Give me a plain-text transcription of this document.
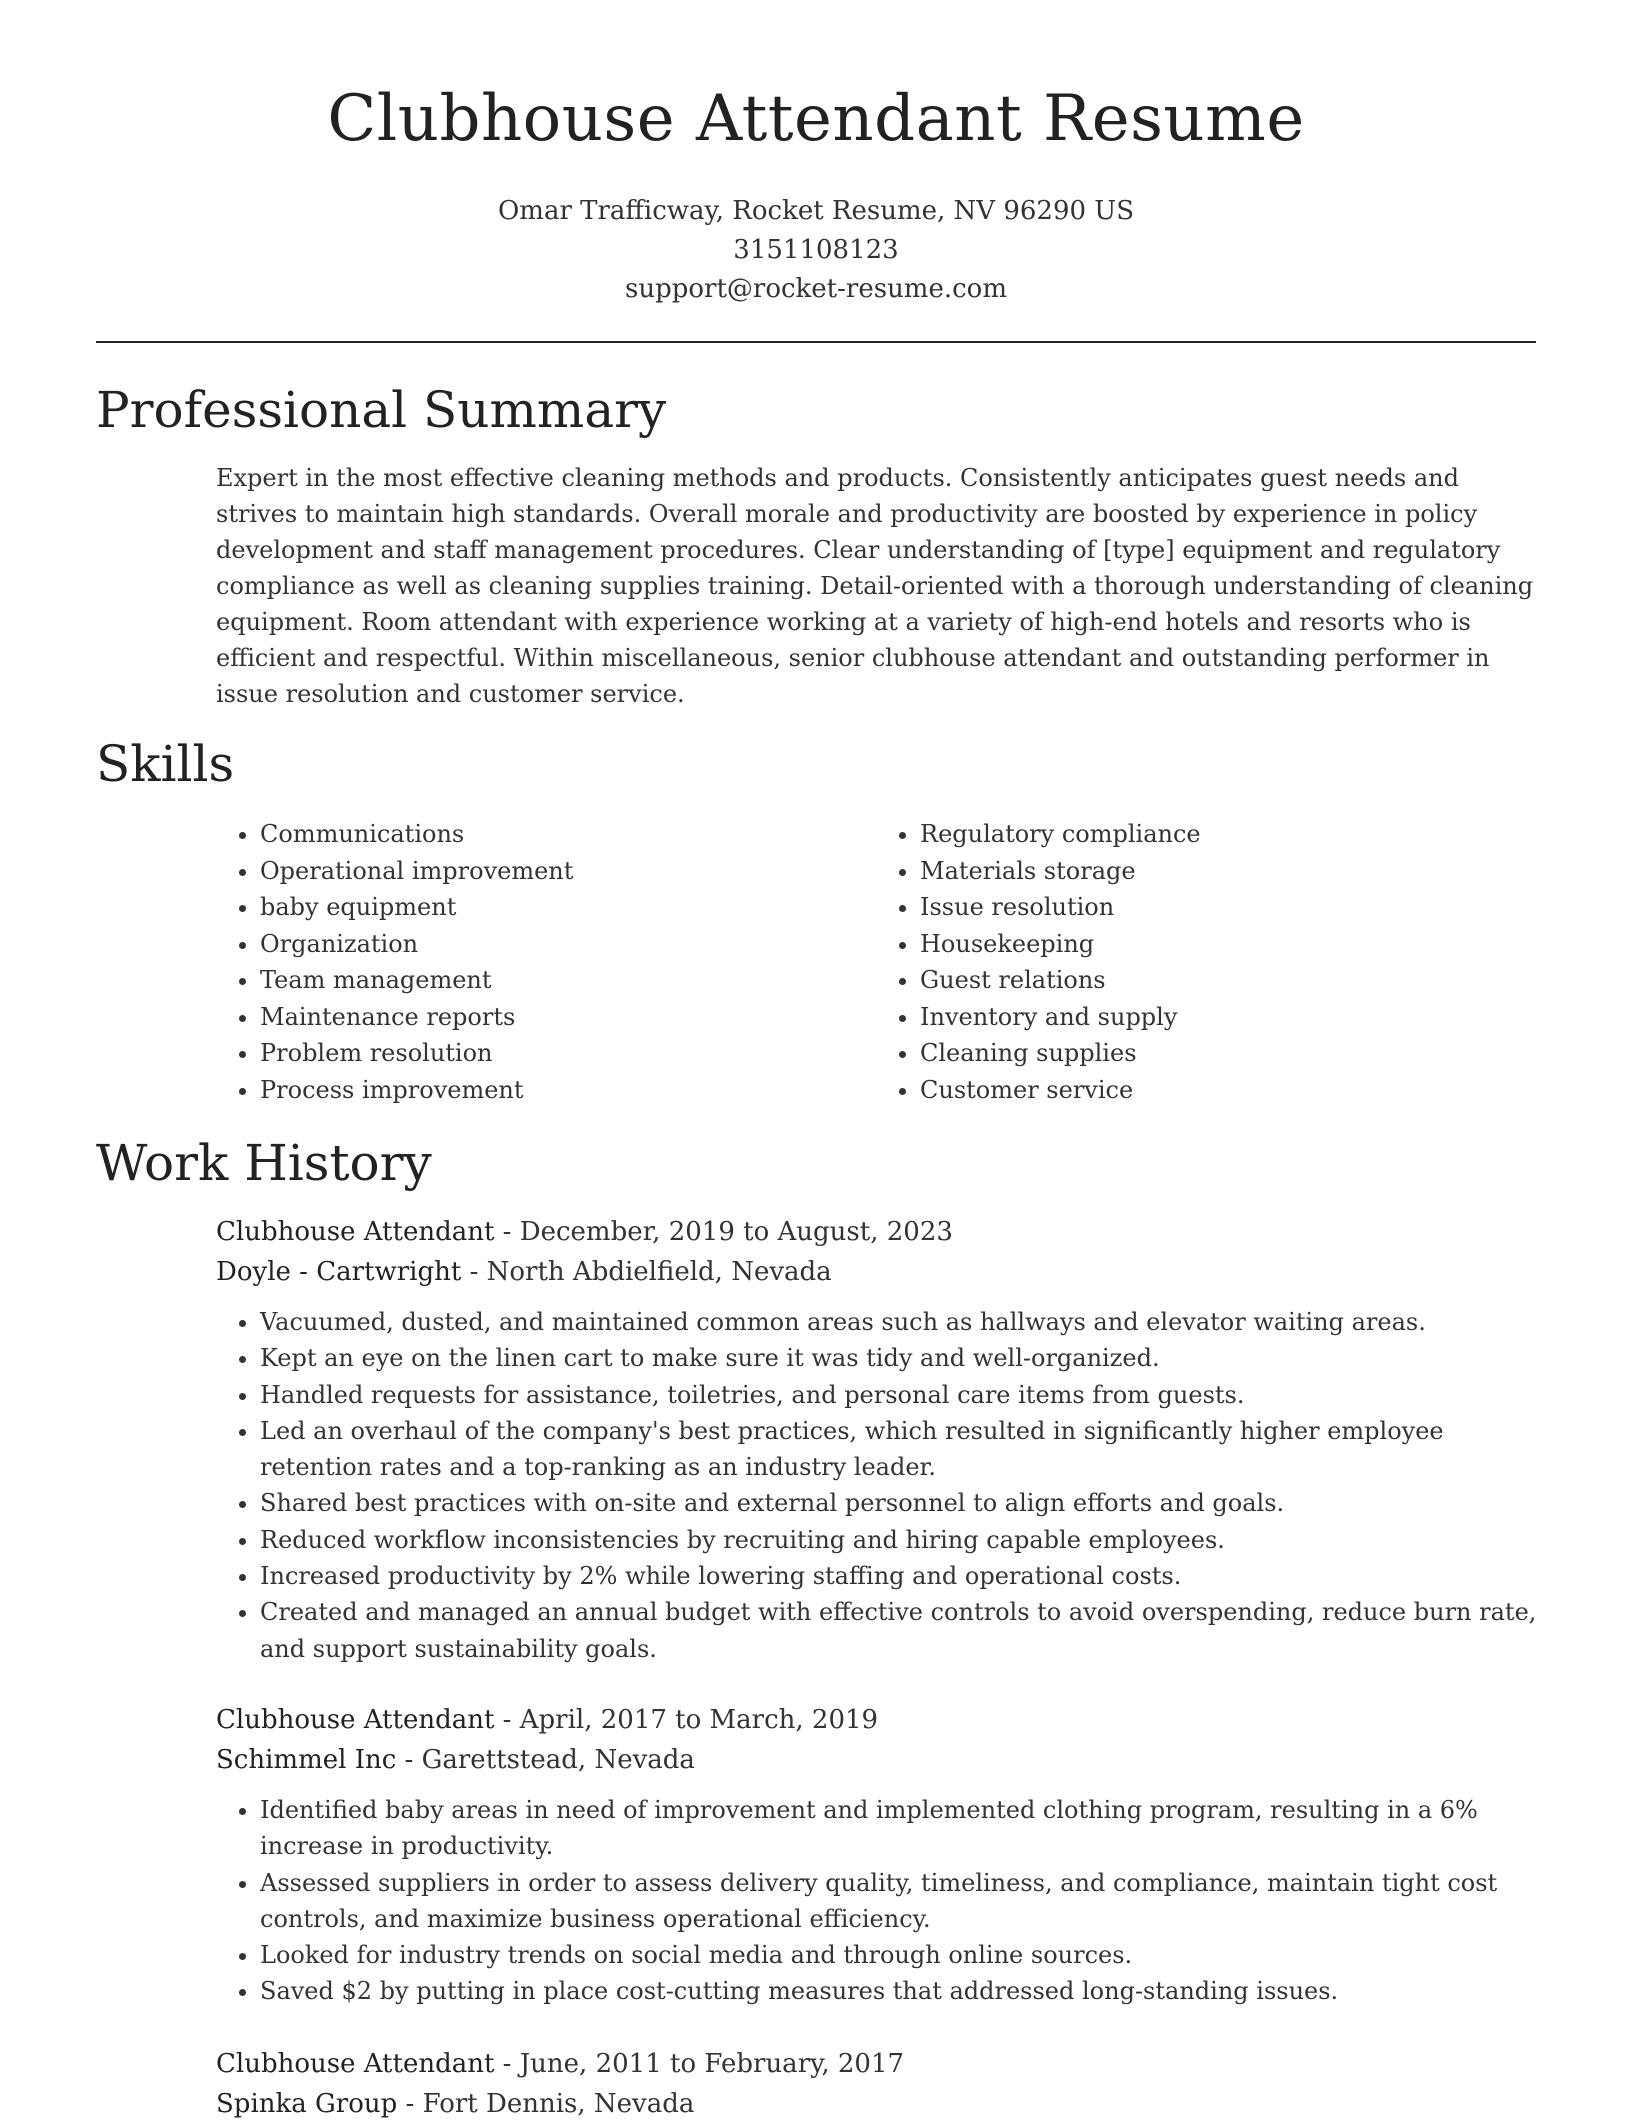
Clubhouse Attendant Resume
Omar Trafficway, Rocket Resume, NV 96290 US
3151108123
support@rocket-resume.com
Professional Summary

Expert in the most effective cleaning methods and products. Consistently anticipates guest needs and strives to maintain high standards. Overall morale and productivity are boosted by experience in policy development and staff management procedures. Clear understanding of [type] equipment and regulatory compliance as well as cleaning supplies training. Detail-oriented with a thorough understanding of cleaning equipment. Room attendant with experience working at a variety of high-end hotels and resorts who is efficient and respectful. Within miscellaneous, senior clubhouse attendant and outstanding performer in issue resolution and customer service.

Skills
• Communications
• Operational improvement
• baby equipment
• Organization
• Team management
• Maintenance reports
• Problem resolution
• Process improvement
• Regulatory compliance
• Materials storage
• Issue resolution
• Housekeeping
• Guest relations
• Inventory and supply
• Cleaning supplies
• Customer service
Work History
Clubhouse Attendant - December, 2019 to August, 2023
Doyle - Cartwright - North Abdielfield, Nevada
• Vacuumed, dusted, and maintained common areas such as hallways and elevator waiting areas.
• Kept an eye on the linen cart to make sure it was tidy and well-organized.
• Handled requests for assistance, toiletries, and personal care items from guests.
• Led an overhaul of the company's best practices, which resulted in significantly higher employee retention rates and a top-ranking as an industry leader.
• Shared best practices with on-site and external personnel to align efforts and goals.
• Reduced workflow inconsistencies by recruiting and hiring capable employees.
• Increased productivity by 2% while lowering staffing and operational costs.
• Created and managed an annual budget with effective controls to avoid overspending, reduce burn rate, and support sustainability goals.
Clubhouse Attendant - April, 2017 to March, 2019
Schimmel Inc - Garettstead, Nevada
• Identified baby areas in need of improvement and implemented clothing program, resulting in a 6% increase in productivity.
• Assessed suppliers in order to assess delivery quality, timeliness, and compliance, maintain tight cost controls, and maximize business operational efficiency.
• Looked for industry trends on social media and through online sources.
• Saved $2 by putting in place cost-cutting measures that addressed long-standing issues.
Clubhouse Attendant - June, 2011 to February, 2017
Spinka Group - Fort Dennis, Nevada
